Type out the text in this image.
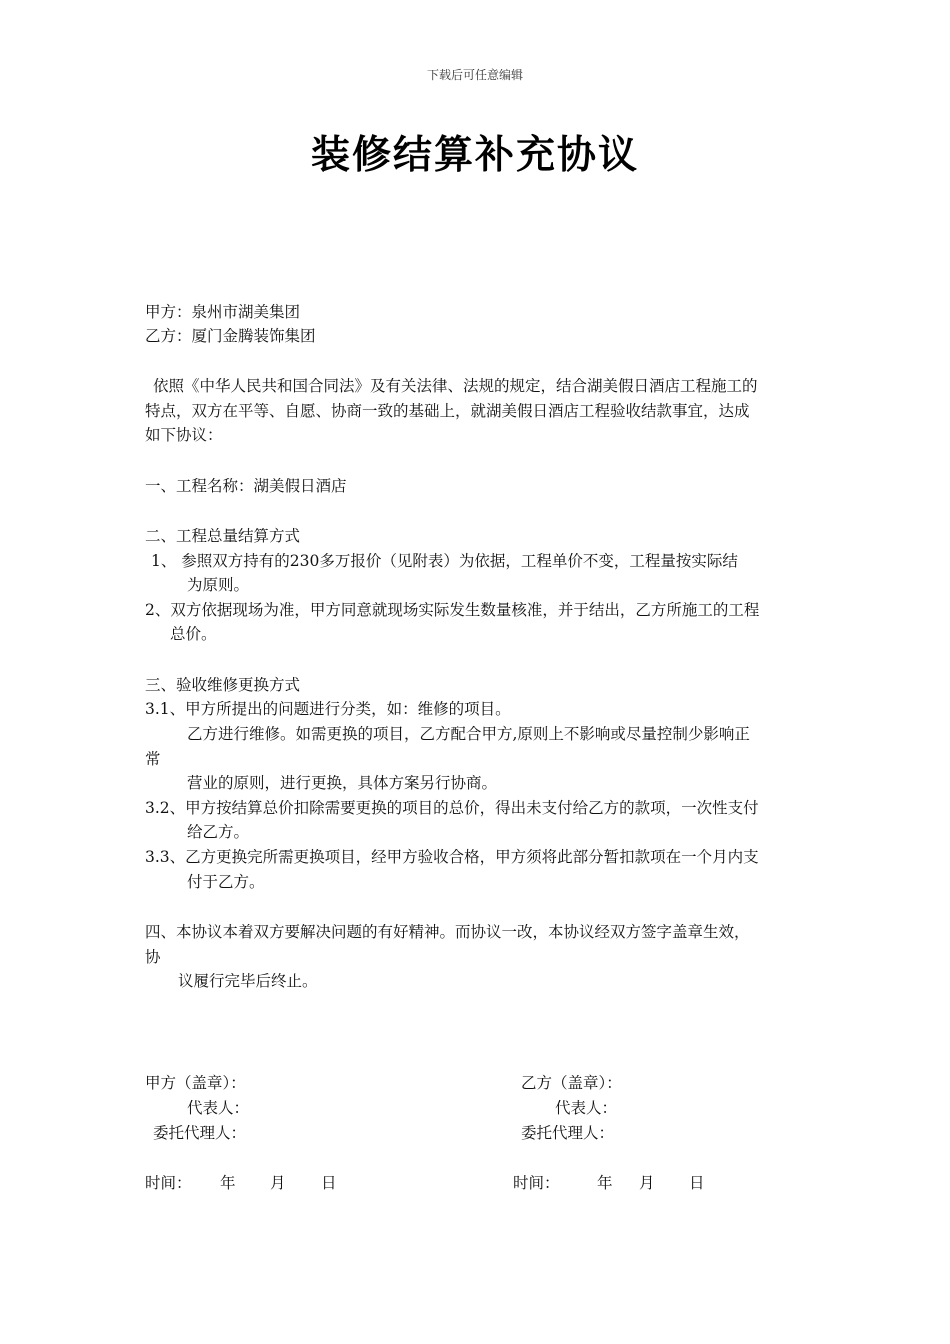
下载后可任意编辑
装修结算补充协议
甲方：泉州市湖美集团
乙方：厦门金腾装饰集团
依照《中华人民共和国合同法》及有关法律、法规的规定，结合湖美假日酒店工程施工的
特点，双方在平等、自愿、协商一致的基础上，就湖美假日酒店工程验收结款事宜，达成
如下协议：
一、工程名称：湖美假日酒店
二、工程总量结算方式
1、 参照双方持有的230多万报价（见附表）为依据，工程单价不变，工程量按实际结
为原则。
2、双方依据现场为准，甲方同意就现场实际发生数量核准，并于结出，乙方所施工的工程
总价。
三、验收维修更换方式
3.1、甲方所提出的问题进行分类，如：维修的项目。
乙方进行维修。如需更换的项目，乙方配合甲方,原则上不影响或尽量控制少影响正
常
营业的原则，进行更换，具体方案另行协商。
3.2、甲方按结算总价扣除需要更换的项目的总价，得出未支付给乙方的款项，一次性支付
给乙方。
3.3、乙方更换完所需更换项目，经甲方验收合格，甲方须将此部分暂扣款项在一个月内支
付于乙方。
四、本协议本着双方要解决问题的有好精神。而协议一改，本协议经双方签字盖章生效，
协
议履行完毕后终止。
甲方（盖章）：
代表人：
委托代理人：
时间： 年 月 日
乙方（盖章）：
代表人：
委托代理人：
时间： 年 月 日
